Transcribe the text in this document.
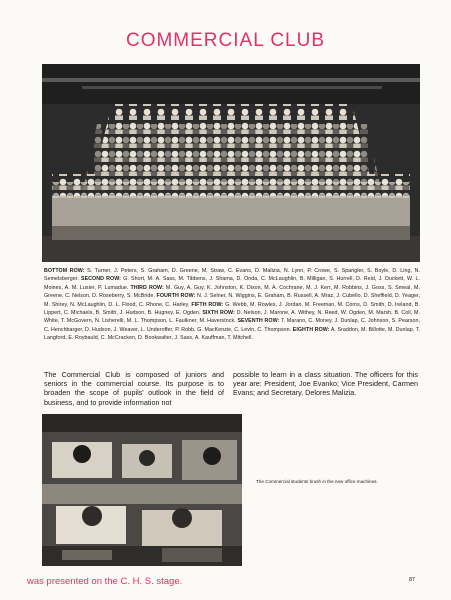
COMMERCIAL CLUB
BOTTOM ROW: S. Turner, J. Peters, S. Graham, D. Greene, M. Straw, C. Evans, D. Malizia, N. Lynn, P. Crowe, S. Spangler, S. Boyle, D. Ling, N. Semelsberger. SECOND ROW: G. Short, M. A. Sass, M. Tibbens, J. Shama, D. Onda, C. McLaughlin, B. Milligan, S. Hurrell, D. Reid, J. Duckett, W. L. Moines, A. M. Lusier, P. Lumadue. THIRD ROW: M. Guy, A. Guy, K. Johnston, K. Dixon, M. A. Cochrane, M. J. Kerr, M. Robbins, J. Goss, S. Smeal, M. Greene, C. Nelson, D. Roseberry, S. McBride. FOURTH ROW: N. J. Selner, N. Wiggins, E. Graham, B. Russell, A. Mraz, J. Cubello, D. Sheffield, D. Yeager, M. Shirey, N. McLaughlin, D. L. Flood, C. Rhone, C. Harley. FIFTH ROW: G. Webb, M. Rowles, J. Jordan, M. Freeman, M. Corns, D. Smith, D. Ireland, B. Lippert, C. Michaels, B. Smith, J. Hudson, B. Hugney, E. Ogden. SIXTH ROW: D. Nelson, J. Marone, A. Withey, N. Reed, W. Ogden, M. Marsh, B. Coll, M. White, T. McGovern, N. Lisherelli, M. L. Thompson, L. Faulkner, M. Haverstock. SEVENTH ROW: T. Marano, C. Money, J. Dunlap, C. Johnson, S. Pearson, C. Henchbarger, D. Hudson, J. Weaver, L. Underoffer, P. Robb, G. MacKenzie, C. Levin, C. Thompson. EIGHTH ROW: A. Sraddon, M. Billotte, M. Dunlap, T. Langford, E. Roybauld, C. McCracken, D. Bookwalter, J. Sass, A. Kauffman, T. Mitchell.
The Commercial Club is composed of juniors and seniors in the commercial course. Its purpose is to broaden the scope of pupils' outlook in the field of business, and to provide information not
possible to learn in a class situation. The officers for this year are: President, Joe Evanko; Vice President, Carmen Evans; and Secretary, Delores Malizia.
The Commercial students brush in the new office machines.
was presented on the C. H. S. stage.	87
